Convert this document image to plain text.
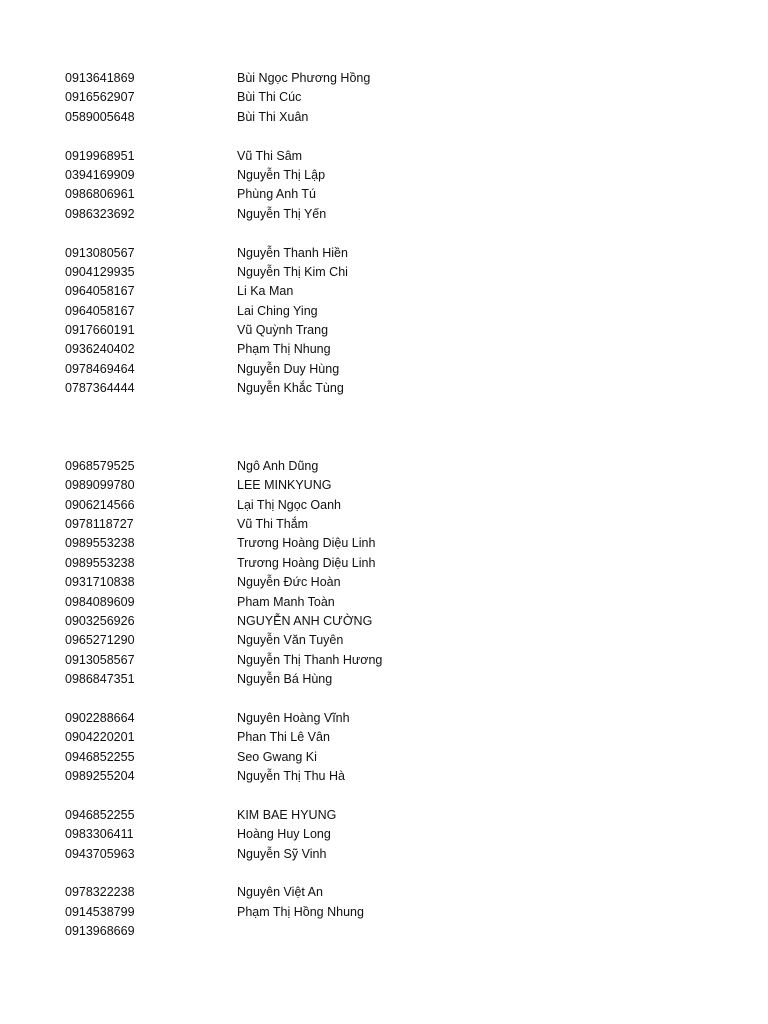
0913641869	Bùi Ngọc Phương Hồng
0916562907	Bùi Thi Cúc
0589005648	Bùi Thi Xuân
0919968951	Vũ Thi Sâm
0394169909	Nguyễn Thị Lập
0986806961	Phùng Anh Tú
0986323692	Nguyễn Thị Yến
0913080567	Nguyễn Thanh Hiền
0904129935	Nguyễn Thị Kim Chi
0964058167	Li Ka Man
0964058167	Lai Ching Ying
0917660191	Vũ Quỳnh Trang
0936240402	Phạm Thị Nhung
0978469464	Nguyễn Duy Hùng
0787364444	Nguyễn Khắc Tùng
0968579525	Ngô Anh Dũng
0989099780	LEE MINKYUNG
0906214566	Lại Thị Ngọc Oanh
0978118727	Vũ Thi Thắm
0989553238	Trương Hoàng Diệu Linh
0989553238	Trương Hoàng Diệu Linh
0931710838	Nguyễn Đức Hoàn
0984089609	Pham Manh Toàn
0903256926	NGUYỄN ANH CƯỜNG
0965271290	Nguyễn Văn Tuyên
0913058567	Nguyễn Thị Thanh Hương
0986847351	Nguyễn Bá Hùng
0902288664	Nguyên Hoàng Vĩnh
0904220201	Phan Thi Lê Vân
0946852255	Seo Gwang Ki
0989255204	Nguyễn Thị Thu Hà
0946852255	KIM BAE HYUNG
0983306411	Hoàng Huy Long
0943705963	Nguyễn Sỹ Vinh
0978322238	Nguyên Việt An
0914538799	Phạm Thị Hồng Nhung
0913968669
